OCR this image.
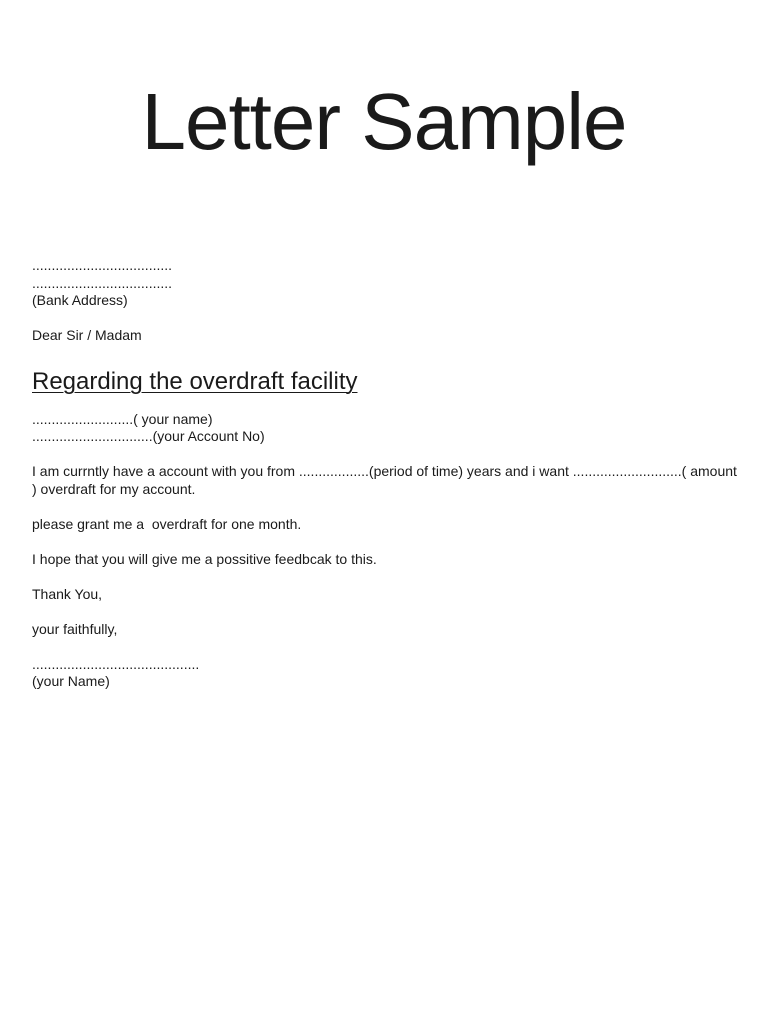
Letter Sample
....................................
....................................
(Bank Address)
Dear Sir / Madam
Regarding the overdraft facility
..........................( your name)
...............................(your Account No)
I am currntly have a account with you from ..................(period of time) years and i want ............................( amount ) overdraft for my account.
please grant me a  overdraft for one month.
I hope that you will give me a possitive feedbcak to this.
Thank You,
your faithfully,
...........................................
(your Name)
